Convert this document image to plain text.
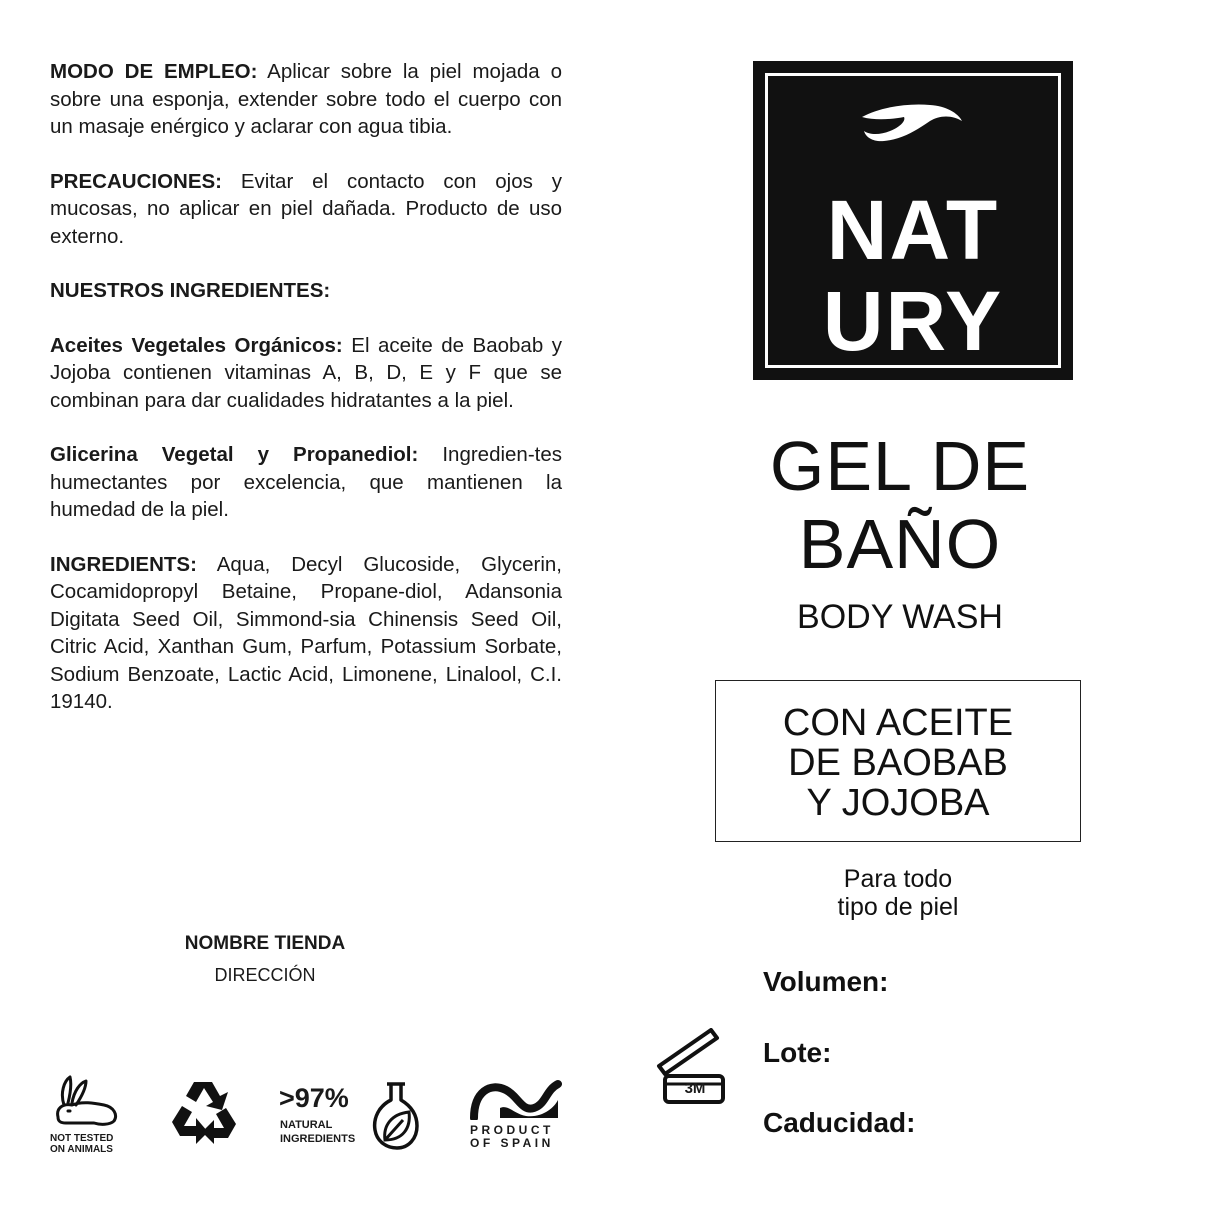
MODO DE EMPLEO: Aplicar sobre la piel mojada o sobre una esponja, extender sobre todo el cuerpo con un masaje enérgico y aclarar con agua tibia.

PRECAUCIONES: Evitar el contacto con ojos y mucosas, no aplicar en piel dañada. Producto de uso externo.

NUESTROS INGREDIENTES:

Aceites Vegetales Orgánicos: El aceite de Baobab y Jojoba contienen vitaminas A, B, D, E y F que se combinan para dar cualidades hidratantes a la piel.

Glicerina Vegetal y Propanediol: Ingredien-tes humectantes por excelencia, que mantienen la humedad de la piel.

INGREDIENTS: Aqua, Decyl Glucoside, Glycerin, Cocamidopropyl Betaine, Propane-diol, Adansonia Digitata Seed Oil, Simmond-sia Chinensis Seed Oil, Citric Acid, Xanthan Gum, Parfum, Potassium Sorbate, Sodium Benzoate, Lactic Acid, Limonene, Linalool, C.I. 19140.

NOMBRE TIENDA
DIRECCIÓN
NAT
URY
GEL DE
BAÑO
BODY WASH
CON ACEITE
DE BAOBAB
Y JOJOBA
Para todo
tipo de piel
Volumen:
Lote:
Caducidad:
3M
NOT TESTED ON ANIMALS
>97%
NATURAL
INGREDIENTS
PRODUCT
OF SPAIN
